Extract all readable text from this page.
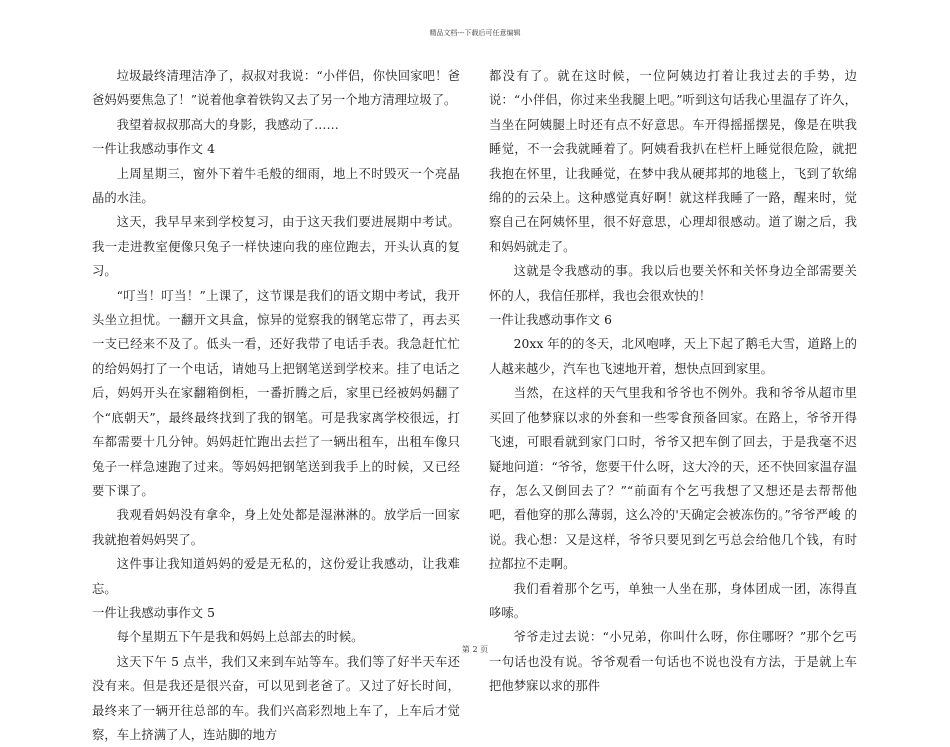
精品文档---下载后可任意编辑

垃圾最终清理洁净了，叔叔对我说：“小伴侣，你快回家吧！爸爸妈妈要焦急了！”说着他拿着铁钩又去了另一个地方清理垃圾了。

我望着叔叔那高大的身影，我感动了……

一件让我感动事作文 4

上周星期三，窗外下着牛毛般的细雨，地上不时毁灭一个亮晶晶的水洼。

这天，我早早来到学校复习，由于这天我们要进展期中考试。我一走进教室便像只兔子一样快速向我的座位跑去，开头认真的复习。

“叮当！叮当！”上课了，这节课是我们的语文期中考试，我开头坐立担忧。一翻开文具盒，惊异的觉察我的钢笔忘带了，再去买一支已经来不及了。低头一看，还好我带了电话手表。我急赶忙忙的给妈妈打了一个电话，请她马上把钢笔送到学校来。挂了电话之后，妈妈开头在家翻箱倒柜，一番折腾之后，家里已经被妈妈翻了个“底朝天”，最终最终找到了我的钢笔。可是我家离学校很远，打车都需要十几分钟。妈妈赶忙跑出去拦了一辆出租车，出租车像只兔子一样急速跑了过来。等妈妈把钢笔送到我手上的时候，又已经要下课了。

我观看妈妈没有拿伞，身上处处都是湿淋淋的。放学后一回家我就抱着妈妈哭了。

这件事让我知道妈妈的爱是无私的，这份爱让我感动，让我难忘。

一件让我感动事作文 5

每个星期五下午是我和妈妈上总部去的时候。

这天下午 5 点半，我们又来到车站等车。我们等了好半天车还没有来。但是我还是很兴奋，可以见到老爸了。又过了好长时间，最终来了一辆开往总部的车。我们兴高彩烈地上车了，上车后才觉察，车上挤满了人，连站脚的地方

都没有了。就在这时候，一位阿姨边打着让我过去的手势，边说：“小伴侣，你过来坐我腿上吧。”听到这句话我心里温存了许久，当坐在阿姨腿上时还有点不好意思。车开得摇摇摆晃，像是在哄我睡觉，不一会我就睡着了。阿姨看我扒在栏杆上睡觉很危险，就把我抱在怀里，让我睡觉，在梦中我从硬邦邦的地毯上，飞到了软绵绵的的云朵上。这种感觉真好啊！就这样我睡了一路，醒来时，觉察自己在阿姨怀里，很不好意思，心理却很感动。道了谢之后，我和妈妈就走了。

这就是令我感动的事。我以后也要关怀和关怀身边全部需要关怀的人，我信任那样，我也会很欢快的！

一件让我感动事作文 6

20xx 年的的冬天，北风咆哮，天上下起了鹅毛大雪，道路上的人越来越少，汽车也飞速地开着，想快点回到家里。

当然，在这样的天气里我和爷爷也不例外。我和爷爷从超市里买回了他梦寐以求的外套和一些零食预备回家。在路上，爷爷开得飞速，可眼看就到家门口时，爷爷又把车倒了回去，于是我毫不迟疑地问道：“爷爷，您要干什么呀，这大冷的天，还不快回家温存温存，怎么又倒回去了？”“前面有个乞丐我想了又想还是去帮帮他吧，看他穿的那么薄弱，这么冷的'天确定会被冻伤的。”爷爷严峻 的说。我心想：又是这样，爷爷只要见到乞丐总会给他几个钱，有时拉都拉不走啊。

我们看着那个乞丐，单独一人坐在那，身体团成一团，冻得直哆嗦。

爷爷走过去说：“小兄弟，你叫什么呀，你住哪呀？”那个乞丐一句话也没有说。爷爷观看一句话也不说也没有方法，于是就上车把他梦寐以求的那件

第 2 页
